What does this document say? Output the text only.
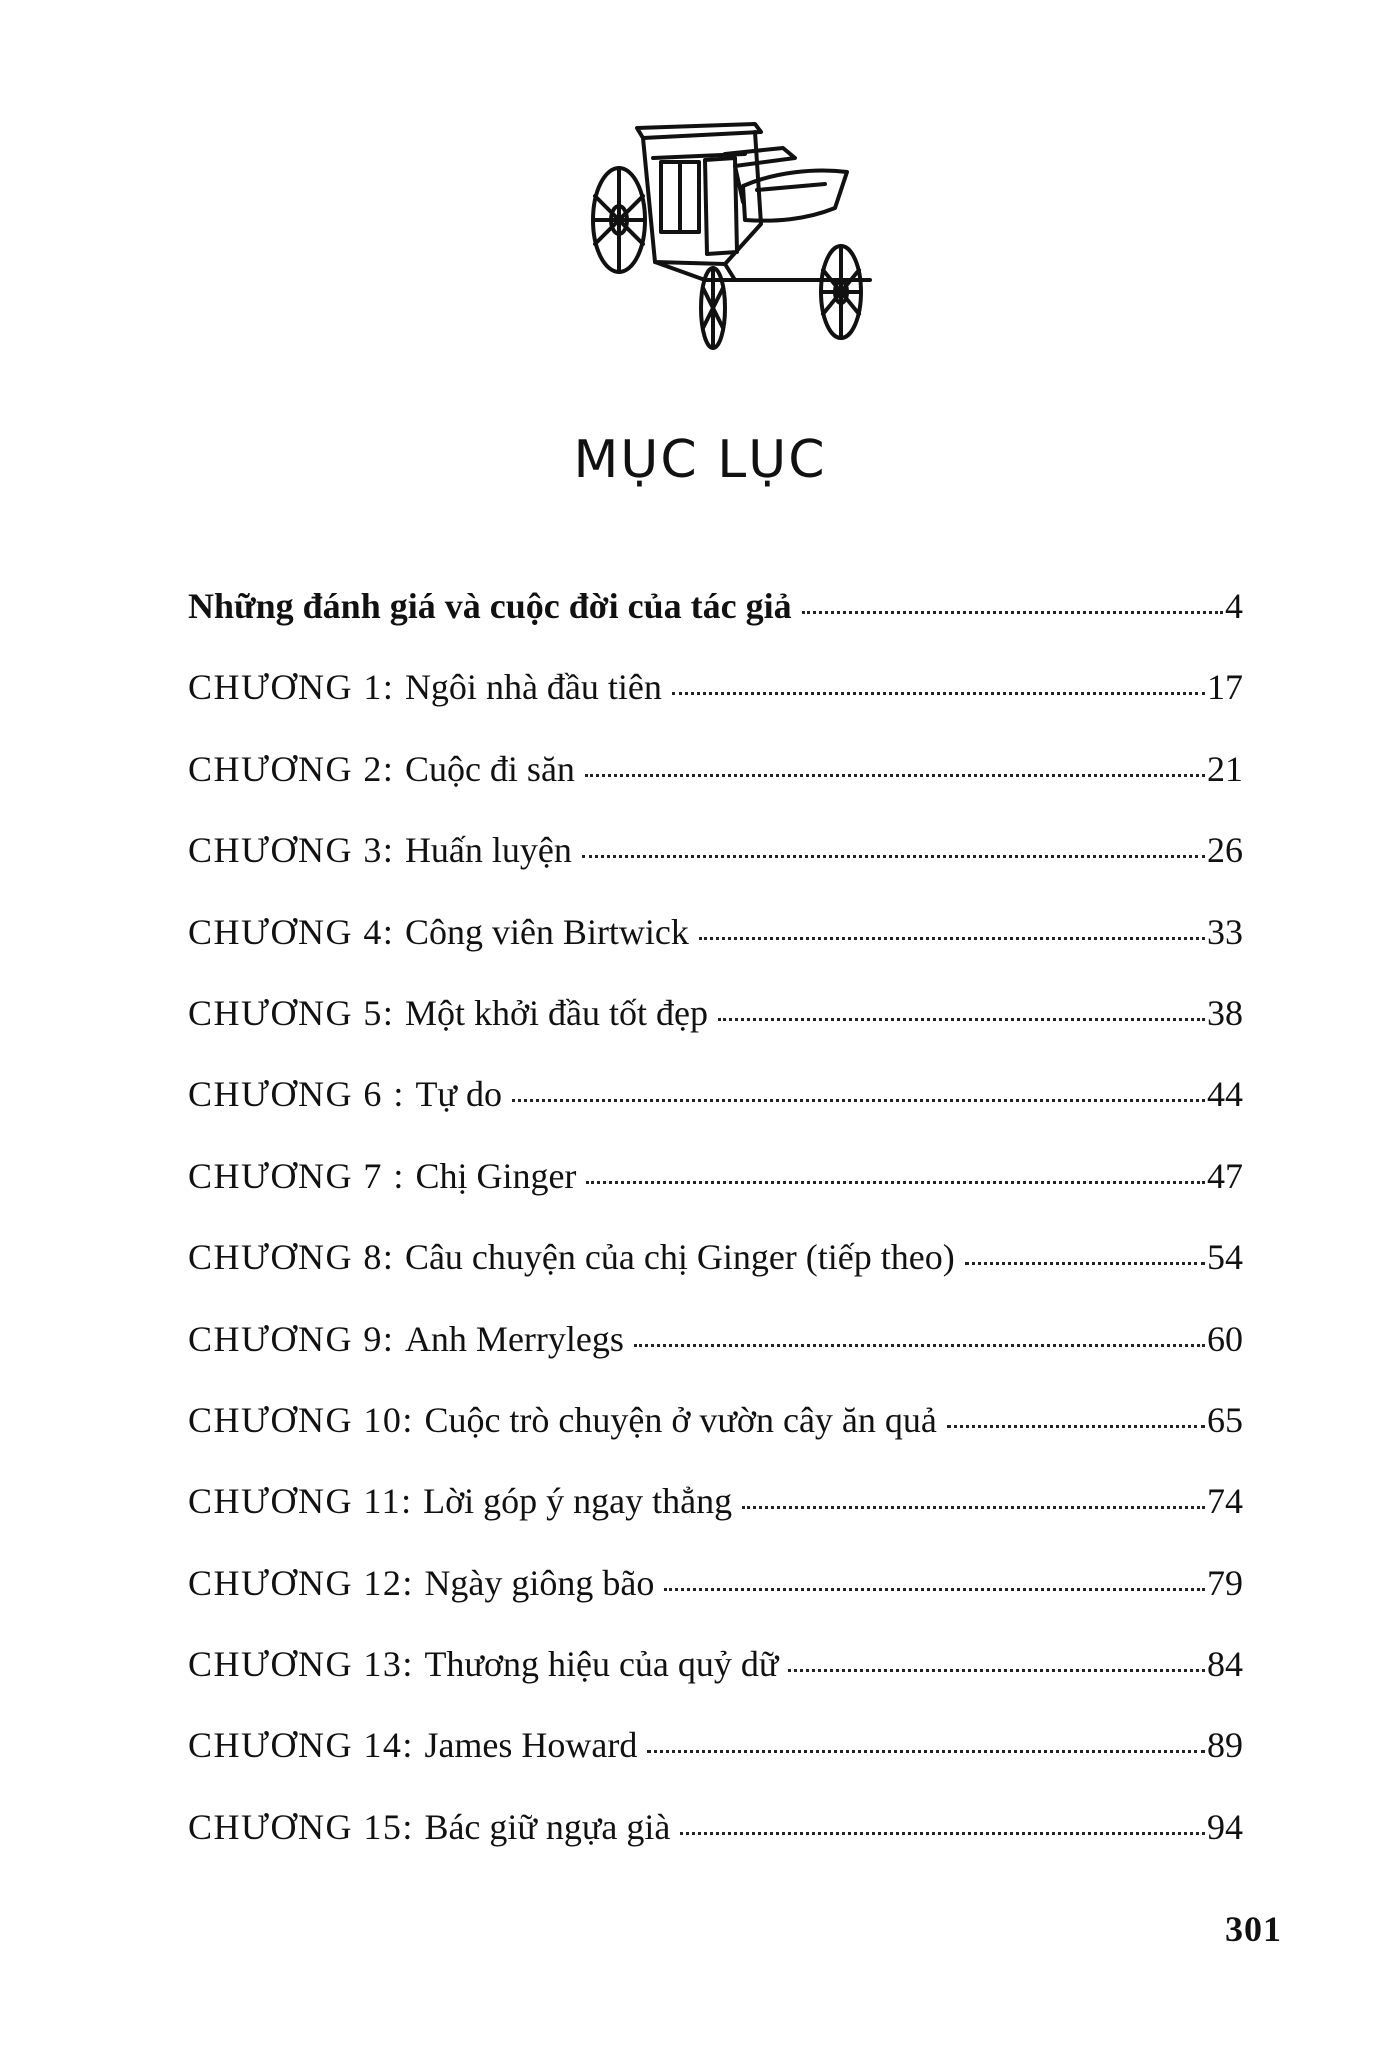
MỤC LỤC
Những đánh giá và cuộc đời của tác giả	4
CHƯƠNG 1: Ngôi nhà đầu tiên	17
CHƯƠNG 2: Cuộc đi săn	21
CHƯƠNG 3: Huấn luyện	26
CHƯƠNG 4: Công viên Birtwick	33
CHƯƠNG 5: Một khởi đầu tốt đẹp	38
CHƯƠNG 6 : Tự do	44
CHƯƠNG 7 : Chị Ginger	47
CHƯƠNG 8: Câu chuyện của chị Ginger (tiếp theo)	54
CHƯƠNG 9: Anh Merrylegs	60
CHƯƠNG 10: Cuộc trò chuyện ở vườn cây ăn quả	65
CHƯƠNG 11: Lời góp ý ngay thẳng	74
CHƯƠNG 12: Ngày giông bão	79
CHƯƠNG 13: Thương hiệu của quỷ dữ	84
CHƯƠNG 14: James Howard	89
CHƯƠNG 15: Bác giữ ngựa già	94
301
